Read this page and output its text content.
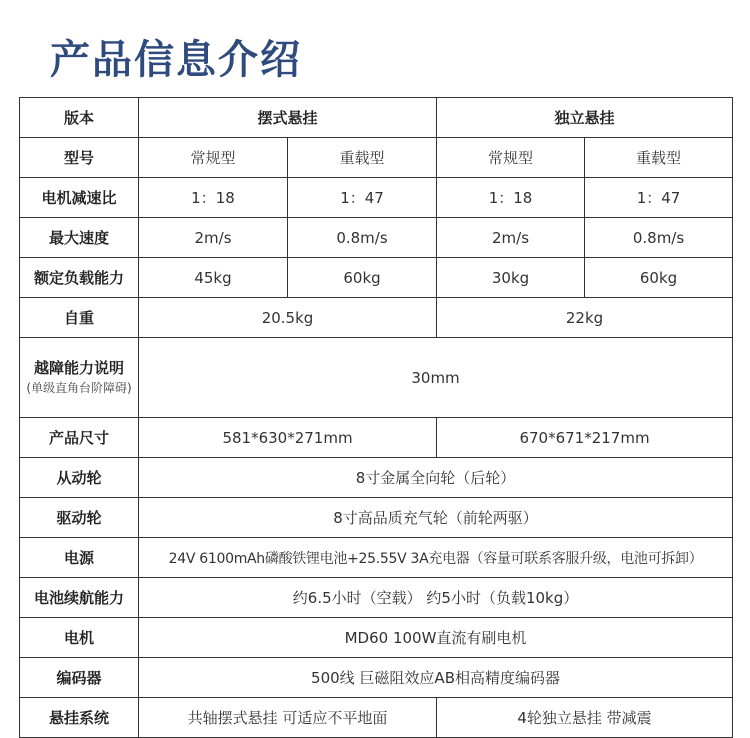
产品信息介绍
版本	摆式悬挂		独立悬挂	
型号	常规型	重载型	常规型	重载型
电机减速比	1：18	1：47	1：18	1：47
最大速度	2m/s	0.8m/s	2m/s	0.8m/s
额定负载能力	45kg	60kg	30kg	60kg
自重	20.5kg		22kg	

越障能力说明
(单级直角台阶障碍)	30mm			
产品尺寸	581*630*271mm		670*671*217mm	
从动轮	8寸金属全向轮（后轮）			
驱动轮	8寸高品质充气轮（前轮两驱）			
电源	24V 6100mAh磷酸铁锂电池+25.55V 3A充电器（容量可联系客服升级，电池可拆卸）			
电池续航能力	约6.5小时（空载） 约5小时（负载10kg）			
电机	MD60 100W直流有刷电机			
编码器	500线 巨磁阻效应AB相高精度编码器			
悬挂系统	共轴摆式悬挂 可适应不平地面		4轮独立悬挂 带减震	
